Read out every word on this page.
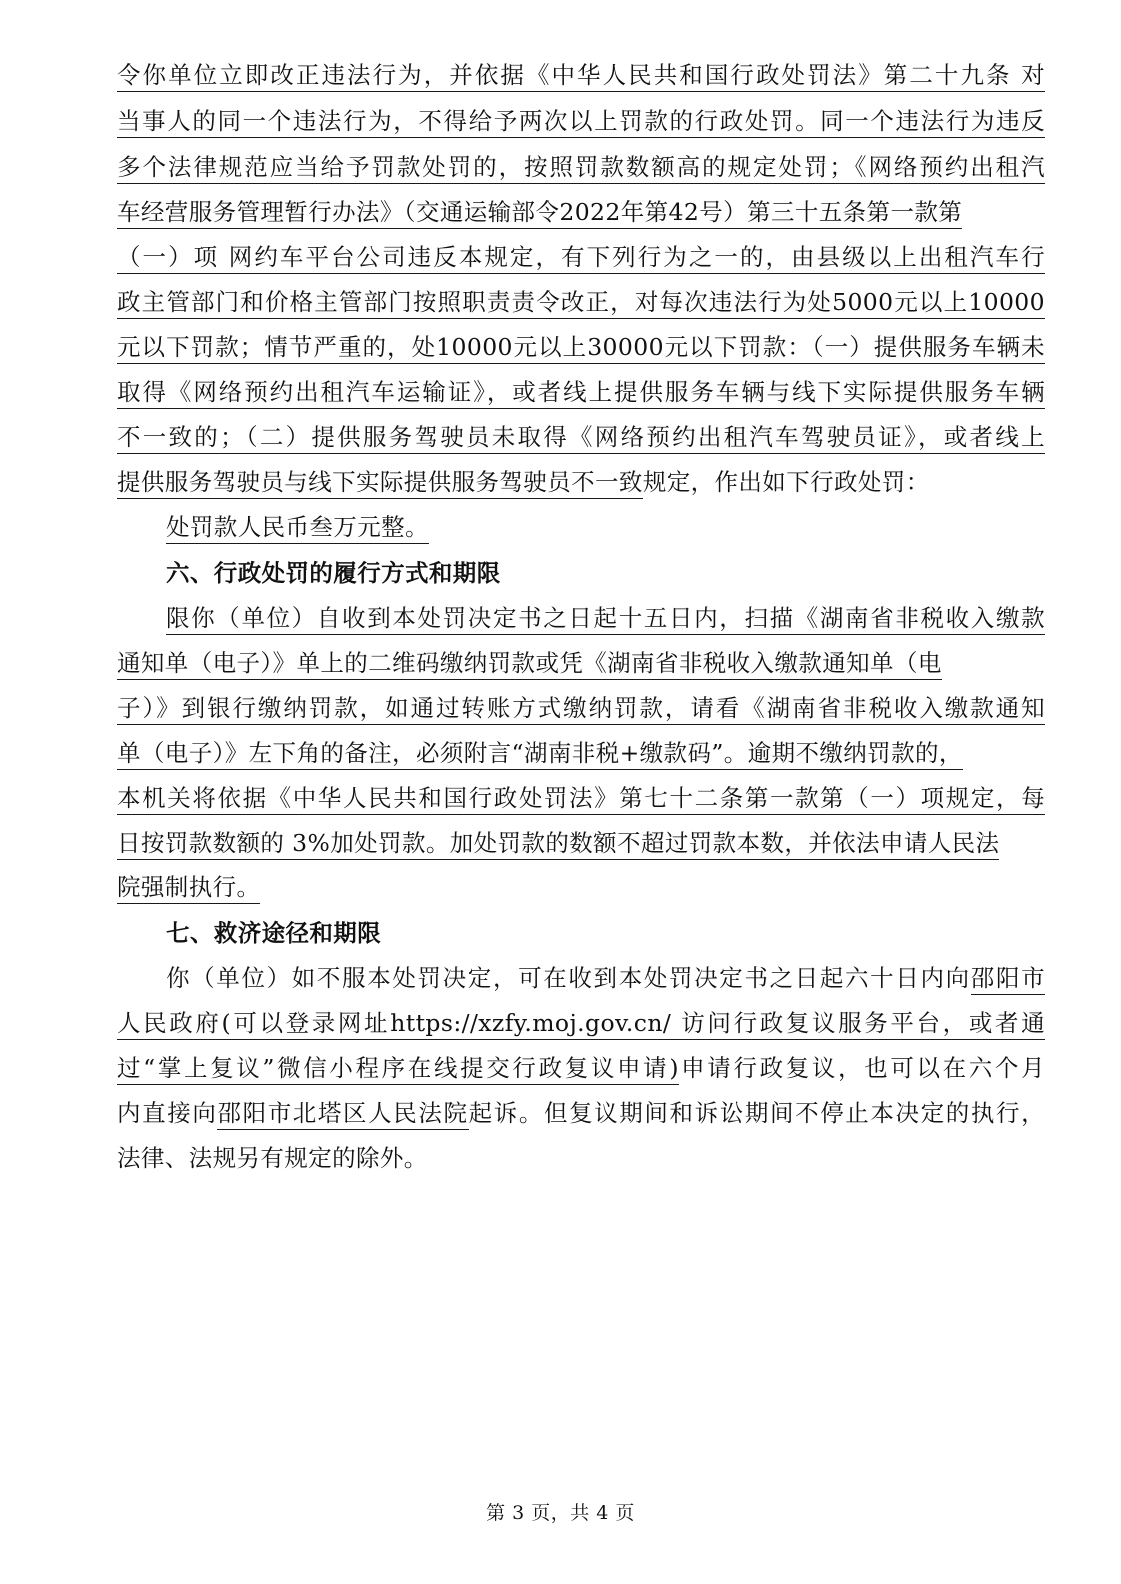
令你单位立即改正违法行为，并依据《中华人民共和国行政处罚法》第二十九条 对
当事人的同一个违法行为，不得给予两次以上罚款的行政处罚。同一个违法行为违反
多个法律规范应当给予罚款处罚的，按照罚款数额高的规定处罚；《网络预约出租汽
车经营服务管理暂行办法》（交通运输部令2022年第42号）第三十五条第一款第
（一）项 网约车平台公司违反本规定，有下列行为之一的，由县级以上出租汽车行
政主管部门和价格主管部门按照职责责令改正，对每次违法行为处5000元以上10000
元以下罚款；情节严重的，处10000元以上30000元以下罚款：（一）提供服务车辆未
取得《网络预约出租汽车运输证》，或者线上提供服务车辆与线下实际提供服务车辆
不一致的；（二）提供服务驾驶员未取得《网络预约出租汽车驾驶员证》，或者线上
提供服务驾驶员与线下实际提供服务驾驶员不一致规定，作出如下行政处罚：
处罚款人民币叁万元整。
六、行政处罚的履行方式和期限
限你（单位）自收到本处罚决定书之日起十五日内，扫描《湖南省非税收入缴款
通知单（电子）》单上的二维码缴纳罚款或凭《湖南省非税收入缴款通知单（电
子）》到银行缴纳罚款，如通过转账方式缴纳罚款，请看《湖南省非税收入缴款通知
单（电子）》左下角的备注，必须附言“湖南非税+缴款码”。逾期不缴纳罚款的，
本机关将依据《中华人民共和国行政处罚法》第七十二条第一款第（一）项规定，每
日按罚款数额的 3%加处罚款。加处罚款的数额不超过罚款本数，并依法申请人民法
院强制执行。
七、救济途径和期限
你（单位）如不服本处罚决定，可在收到本处罚决定书之日起六十日内向邵阳市
人民政府(可以登录网址https://xzfy.moj.gov.cn/ 访问行政复议服务平台，或者通
过“掌上复议”微信小程序在线提交行政复议申请)申请行政复议，也可以在六个月
内直接向邵阳市北塔区人民法院起诉。但复议期间和诉讼期间不停止本决定的执行，
法律、法规另有规定的除外。
第 3 页，共 4 页
